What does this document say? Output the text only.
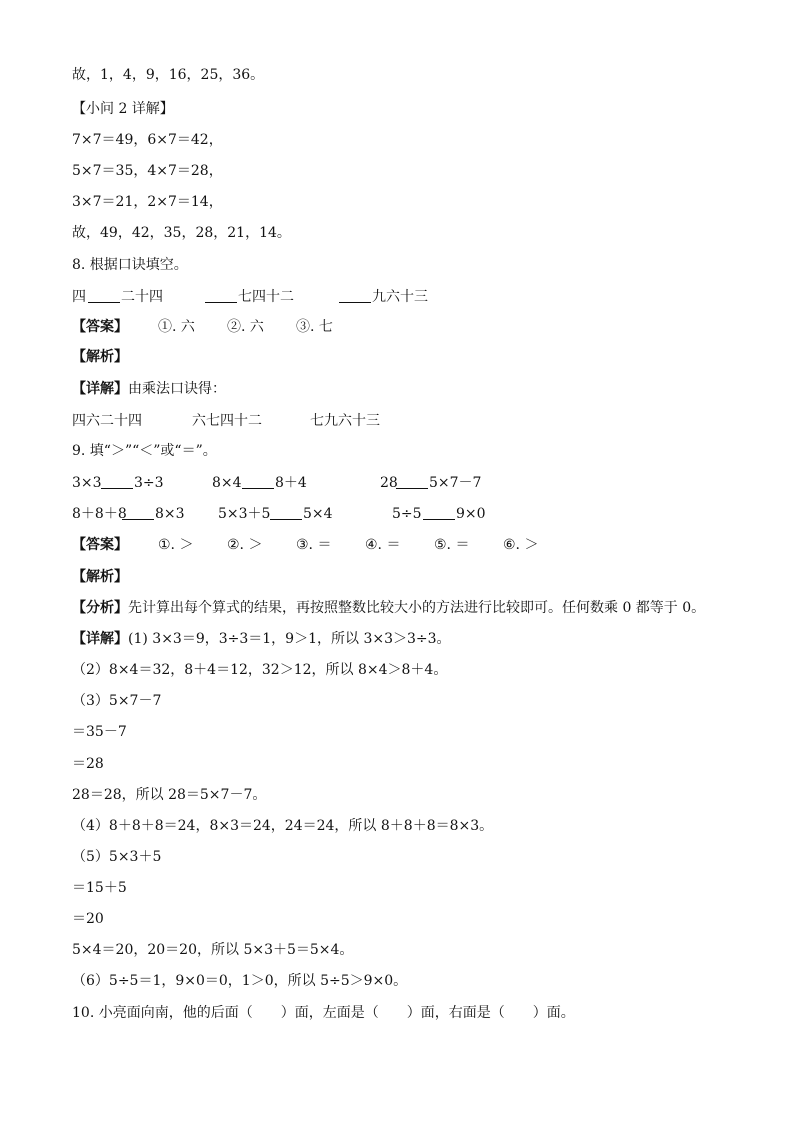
故，1，4，9，16，25，36。
【小问 2 详解】
7×7＝49，6×7＝42，
5×7＝35，4×7＝28，
3×7＝21，2×7＝14，
故，49，42，35，28，21，14。
8. 根据口诀填空。
四	二十四	七四十二	九六十三
【答案】 ①. 六 ②. 六 ③. 七
【解析】
【详解】 由乘法口诀得：
四六二十四	六七四十二	七九六十三
9. 填“＞”“＜”或“＝”。
3×3 3÷3	8×4 8＋4	28 5×7－7
8＋8＋8 8×3 5×3＋5 5×4	5÷5 9×0
【答案】 ①. ＞ ②. ＞ ③. ＝ ④. ＝ ⑤. ＝ ⑥. ＞
【解析】
【分析】 先计算出每个算式的结果，再按照整数比较大小的方法进行比较即可。任何数乘 0 都等于 0。
【详解】 (1) 3×3＝9，3÷3＝1，9＞1，所以 3×3＞3÷3。
（2）8×4＝32，8＋4＝12，32＞12，所以 8×4＞8＋4。
（3）5×7－7
＝35－7
＝28
28＝28，所以 28＝5×7－7。
（4）8＋8＋8＝24，8×3＝24，24＝24，所以 8＋8＋8＝8×3。
（5）5×3＋5
＝15＋5
＝20
5×4＝20，20＝20，所以 5×3＋5＝5×4。
（6）5÷5＝1，9×0＝0，1＞0，所以 5÷5＞9×0。
10. 小亮面向南，他的后面（　　）面，左面是（　　）面，右面是（　　）面。
